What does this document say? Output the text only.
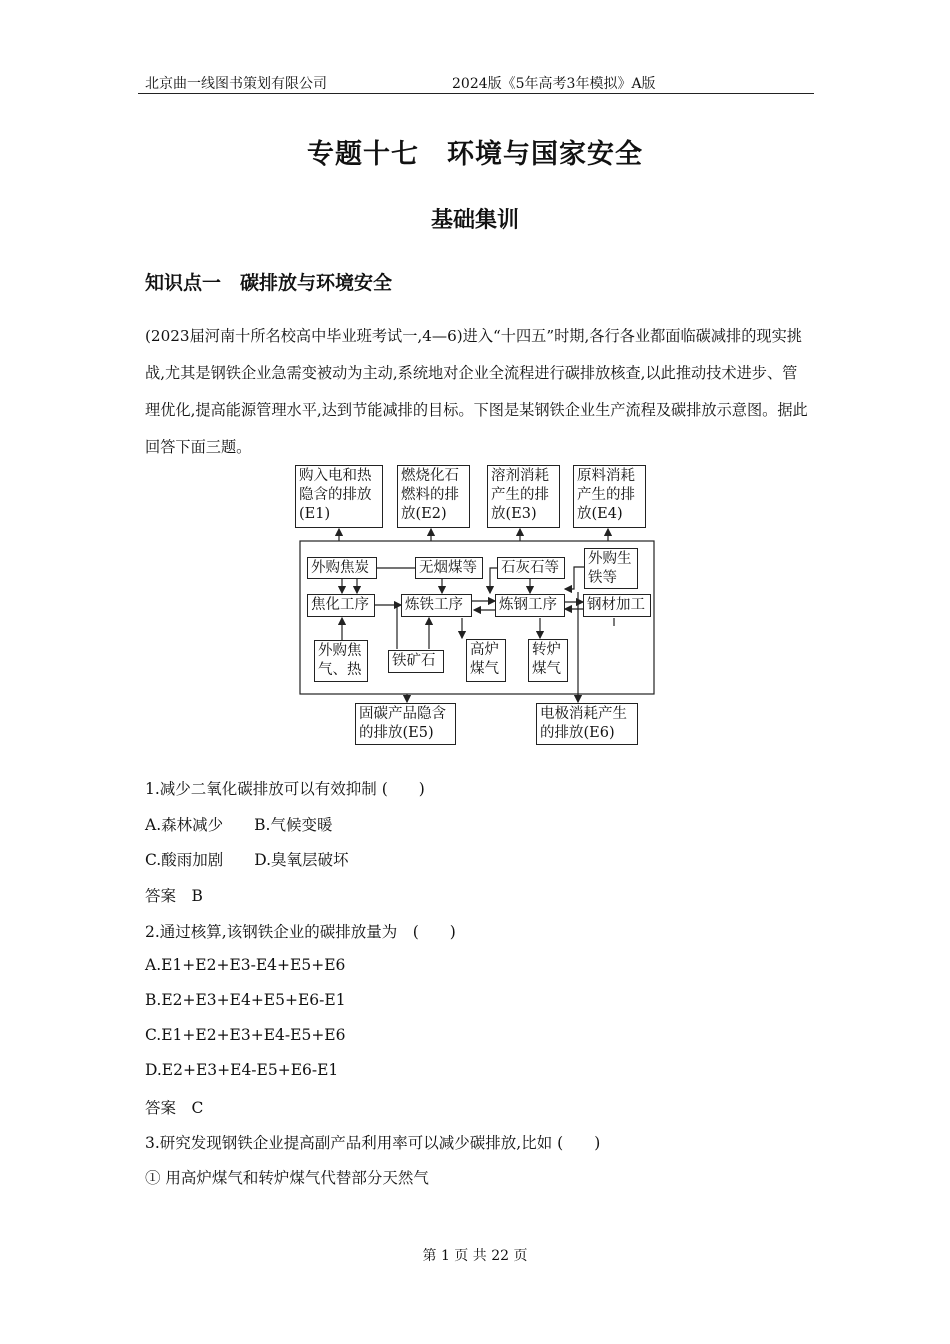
北京曲一线图书策划有限公司	2024版《5年高考3年模拟》A版
专题十七　环境与国家安全
基础集训
知识点一　碳排放与环境安全
(2023届河南十所名校高中毕业班考试一,4—6)进入“十四五”时期,各行各业都面临碳减排的现实挑战,尤其是钢铁企业急需变被动为主动,系统地对企业全流程进行碳排放核查,以此推动技术进步、管理优化,提高能源管理水平,达到节能减排的目标。下图是某钢铁企业生产流程及碳排放示意图。据此回答下面三题。
购入电和热
隐含的排放
(E1)
燃烧化石
燃料的排
放(E2)
溶剂消耗
产生的排
放(E3)
原料消耗
产生的排
放(E4)
外购焦炭	无烟煤等	石灰石等
外购生
铁等
焦化工序	炼铁工序	炼钢工序	钢材加工
外购焦
气、热
铁矿石
高炉
煤气
转炉
煤气
固碳产品隐含
的排放(E5)
电极消耗产生
的排放(E6)
1.减少二氧化碳排放可以有效抑制 (　　)
A.森林减少　　B.气候变暖
C.酸雨加剧　　D.臭氧层破坏
答案　B
2.通过核算,该钢铁企业的碳排放量为　(　　)
A.E1+E2+E3-E4+E5+E6
B.E2+E3+E4+E5+E6-E1
C.E1+E2+E3+E4-E5+E6
D.E2+E3+E4-E5+E6-E1
答案　C
3.研究发现钢铁企业提高副产品利用率可以减少碳排放,比如 (　　)
① 用高炉煤气和转炉煤气代替部分天然气
第 1 页 共 22 页
